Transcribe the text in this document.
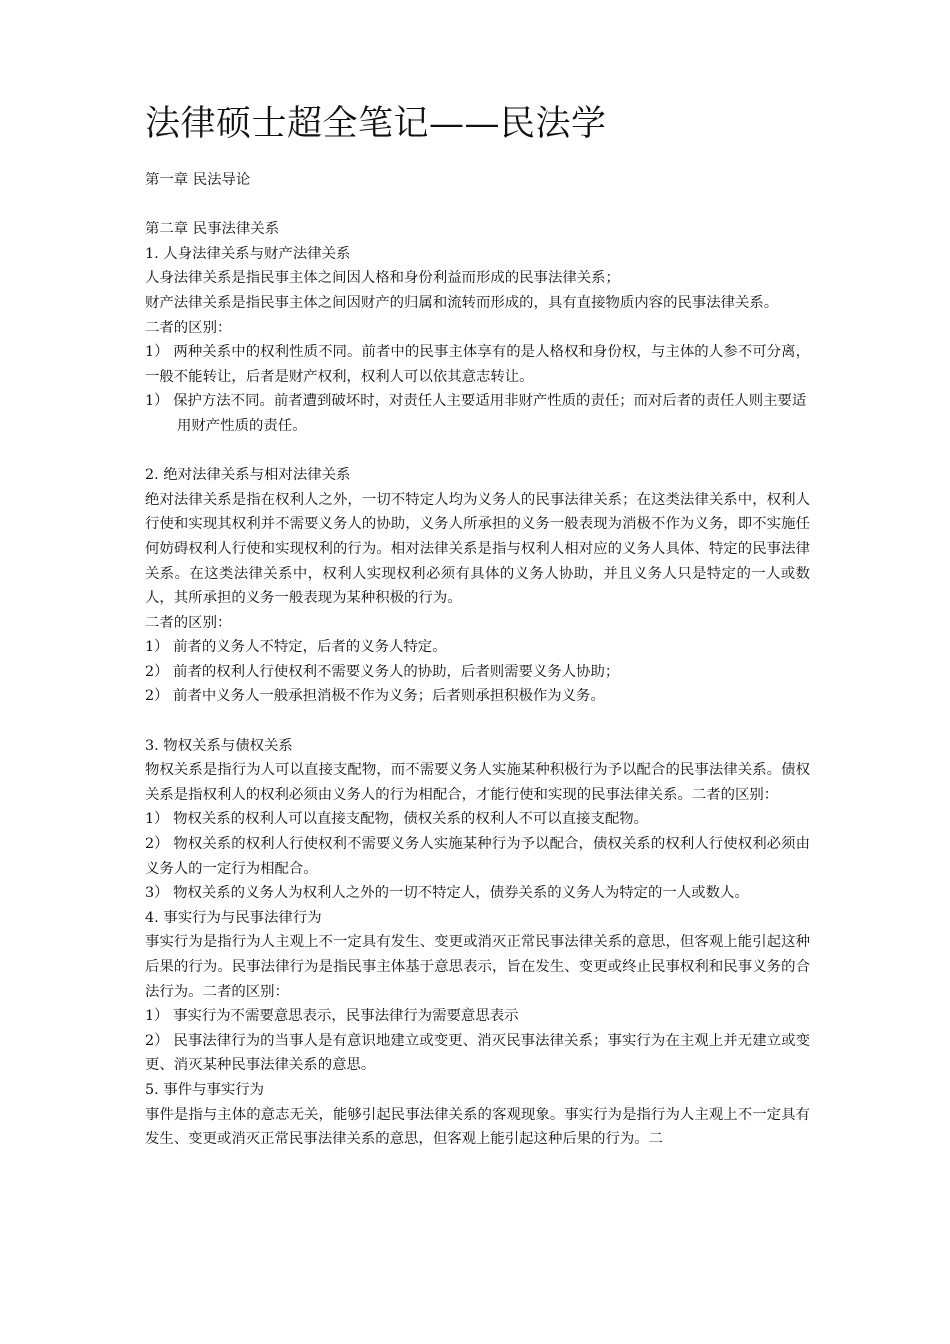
法律硕士超全笔记——民法学
第一章 民法导论
第二章 民事法律关系
1. 人身法律关系与财产法律关系
人身法律关系是指民事主体之间因人格和身份利益而形成的民事法律关系；
财产法律关系是指民事主体之间因财产的归属和流转而形成的，具有直接物质内容的民事法律关系。
二者的区别：
1） 两种关系中的权利性质不同。前者中的民事主体享有的是人格权和身份权，与主体的人参不可分离，一般不能转让，后者是财产权利，权利人可以依其意志转让。
1） 保护方法不同。前者遭到破坏时，对责任人主要适用非财产性质的责任；而对后者的责任人则主要适用财产性质的责任。
2. 绝对法律关系与相对法律关系
绝对法律关系是指在权利人之外，一切不特定人均为义务人的民事法律关系；在这类法律关系中，权利人行使和实现其权利并不需要义务人的协助，义务人所承担的义务一般表现为消极不作为义务，即不实施任何妨碍权利人行使和实现权利的行为。相对法律关系是指与权利人相对应的义务人具体、特定的民事法律关系。在这类法律关系中，权利人实现权利必须有具体的义务人协助，并且义务人只是特定的一人或数人，其所承担的义务一般表现为某种积极的行为。
二者的区别：
1） 前者的义务人不特定，后者的义务人特定。
2） 前者的权利人行使权利不需要义务人的协助，后者则需要义务人协助；
2） 前者中义务人一般承担消极不作为义务；后者则承担积极作为义务。
3. 物权关系与债权关系
物权关系是指行为人可以直接支配物，而不需要义务人实施某种积极行为予以配合的民事法律关系。债权关系是指权利人的权利必须由义务人的行为相配合，才能行使和实现的民事法律关系。二者的区别：
1） 物权关系的权利人可以直接支配物，债权关系的权利人不可以直接支配物。
2） 物权关系的权利人行使权利不需要义务人实施某种行为予以配合，债权关系的权利人行使权利必须由义务人的一定行为相配合。
3） 物权关系的义务人为权利人之外的一切不特定人，债券关系的义务人为特定的一人或数人。
4. 事实行为与民事法律行为
事实行为是指行为人主观上不一定具有发生、变更或消灭正常民事法律关系的意思，但客观上能引起这种后果的行为。民事法律行为是指民事主体基于意思表示，旨在发生、变更或终止民事权利和民事义务的合法行为。二者的区别：
1） 事实行为不需要意思表示，民事法律行为需要意思表示
2） 民事法律行为的当事人是有意识地建立或变更、消灭民事法律关系；事实行为在主观上并无建立或变更、消灭某种民事法律关系的意思。
5. 事件与事实行为
事件是指与主体的意志无关，能够引起民事法律关系的客观现象。事实行为是指行为人主观上不一定具有发生、变更或消灭正常民事法律关系的意思，但客观上能引起这种后果的行为。二
